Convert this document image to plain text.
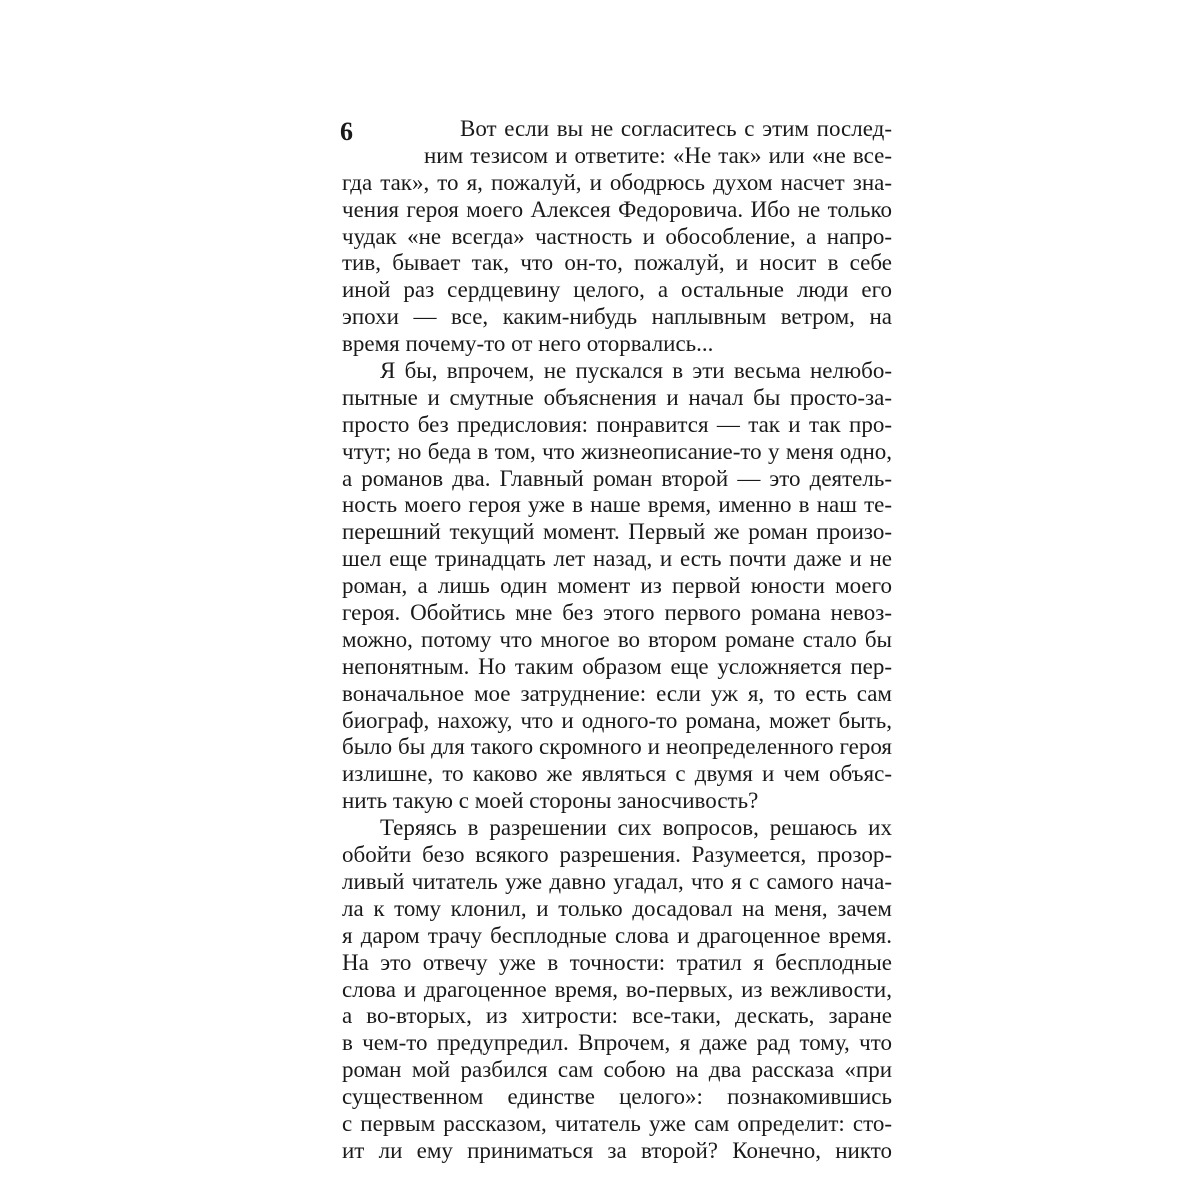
6	Вот если вы не согласитесь с этим послед-
ним тезисом и ответите: «Не так» или «не все-
гда так», то я, пожалуй, и ободрюсь духом насчет зна-
чения героя моего Алексея Федоровича. Ибо не только
чудак «не всегда» частность и обособление, а напро-
тив, бывает так, что он-то, пожалуй, и носит в себе
иной раз сердцевину целого, а остальные люди его
эпохи — все, каким-нибудь наплывным ветром, на
время почему-то от него оторвались...
Я бы, впрочем, не пускался в эти весьма нелюбо-
пытные и смутные объяснения и начал бы просто-за-
просто без предисловия: понравится — так и так про-
чтут; но беда в том, что жизнеописание-то у меня одно,
а романов два. Главный роман второй — это деятель-
ность моего героя уже в наше время, именно в наш те-
перешний текущий момент. Первый же роман произо-
шел еще тринадцать лет назад, и есть почти даже и не
роман, а лишь один момент из первой юности моего
героя. Обойтись мне без этого первого романа невоз-
можно, потому что многое во втором романе стало бы
непонятным. Но таким образом еще усложняется пер-
воначальное мое затруднение: если уж я, то есть сам
биограф, нахожу, что и одного-то романа, может быть,
было бы для такого скромного и неопределенного героя
излишне, то каково же являться с двумя и чем объяс-
нить такую с моей стороны заносчивость?
Теряясь в разрешении сих вопросов, решаюсь их
обойти безо всякого разрешения. Разумеется, прозор-
ливый читатель уже давно угадал, что я с самого нача-
ла к тому клонил, и только досадовал на меня, зачем
я даром трачу бесплодные слова и драгоценное время.
На это отвечу уже в точности: тратил я бесплодные
слова и драгоценное время, во-первых, из вежливости,
а во-вторых, из хитрости: все-таки, дескать, заране
в чем-то предупредил. Впрочем, я даже рад тому, что
роман мой разбился сам собою на два рассказа «при
существенном единстве целого»: познакомившись
с первым рассказом, читатель уже сам определит: сто-
ит ли ему приниматься за второй? Конечно, никто
